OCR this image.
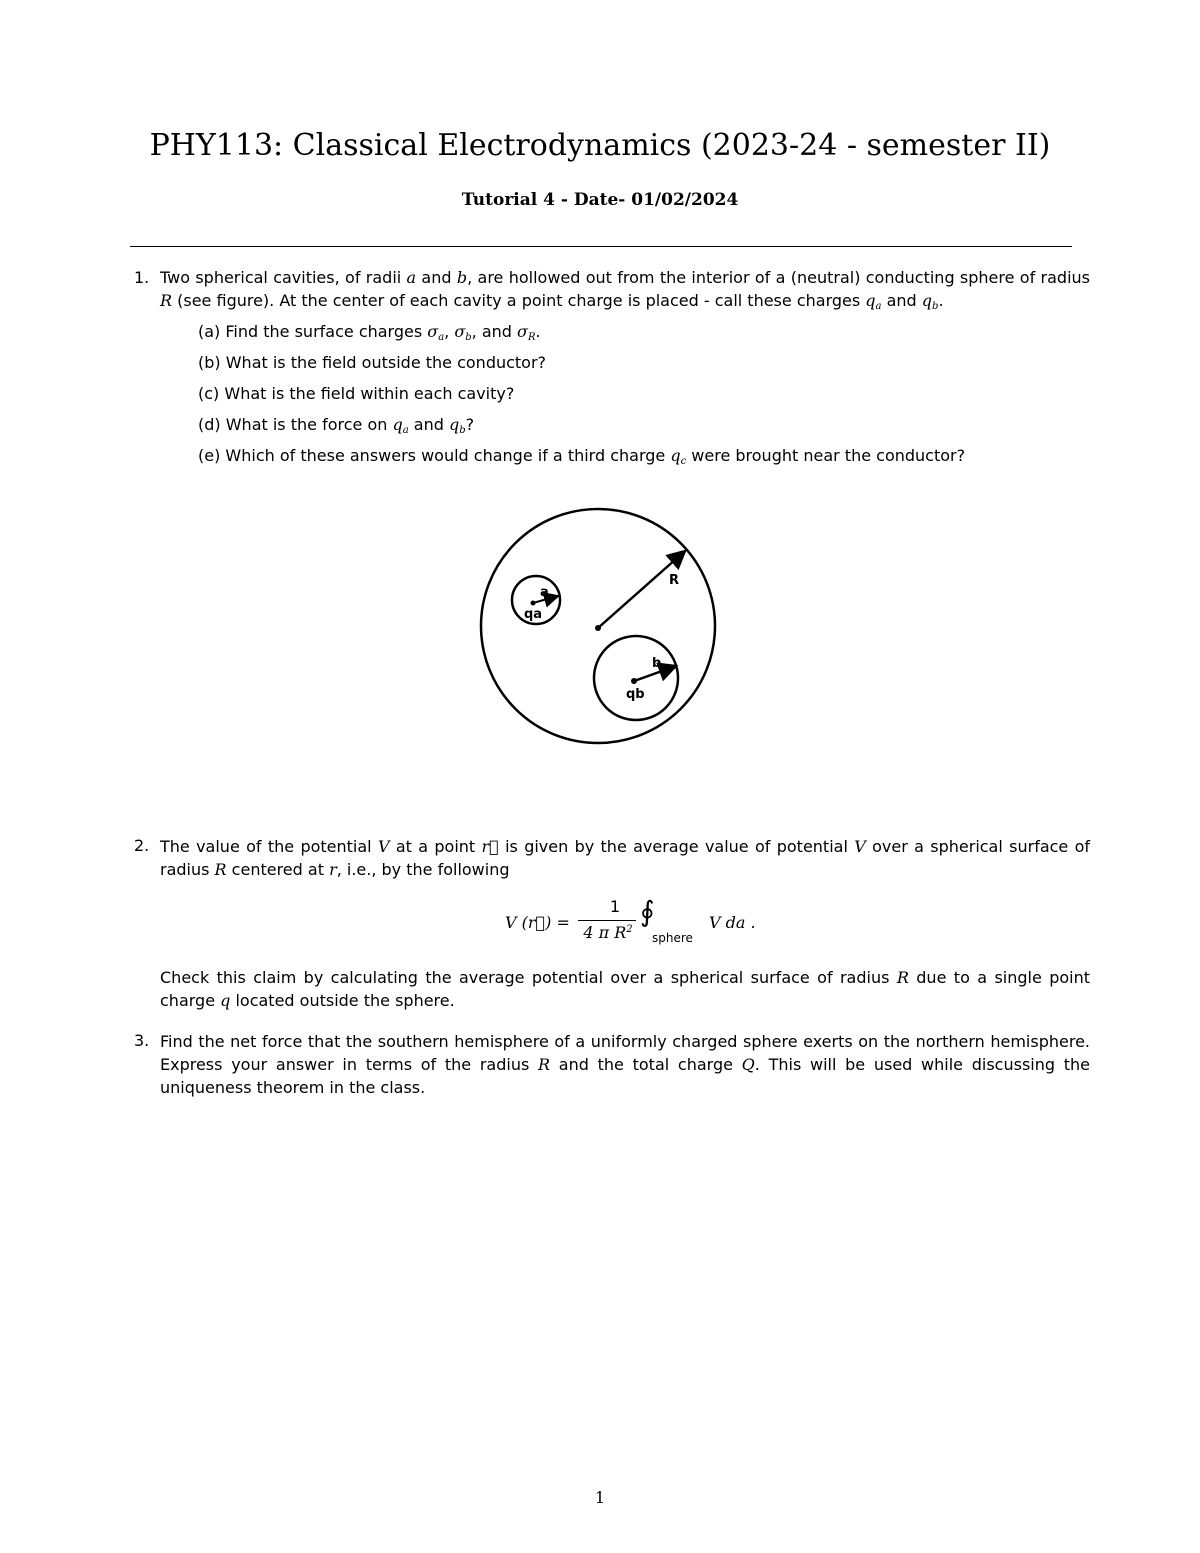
PHY113: Classical Electrodynamics (2023-24 - semester II)
Tutorial 4 - Date- 01/02/2024
1. Two spherical cavities, of radii a and b, are hollowed out from the interior of a (neutral) conducting sphere of radius R (see figure). At the center of each cavity a point charge is placed - call these charges $q_a$ and $q_b$.
(a) Find the surface charges $\sigma_a$, $\sigma_b$, and $\sigma_R$.
(b) What is the field outside the conductor?
(c) What is the field within each cavity?
(d) What is the force on $q_a$ and $q_b$?
(e) Which of these answers would change if a third charge $q_c$ were brought near the conductor?
R
a
qa
b
qb
2. The value of the potential V at a point r⃗ is given by the average value of potential V over a spherical surface of radius R centered at r, i.e., by the following
V (r⃗) =
1
4 π $R^2$
∮
sphere
V da .
Check this claim by calculating the average potential over a spherical surface of radius R due to a single point charge q located outside the sphere.
3. Find the net force that the southern hemisphere of a uniformly charged sphere exerts on the northern hemisphere. Express your answer in terms of the radius R and the total charge Q. This will be used while discussing the uniqueness theorem in the class.
1
